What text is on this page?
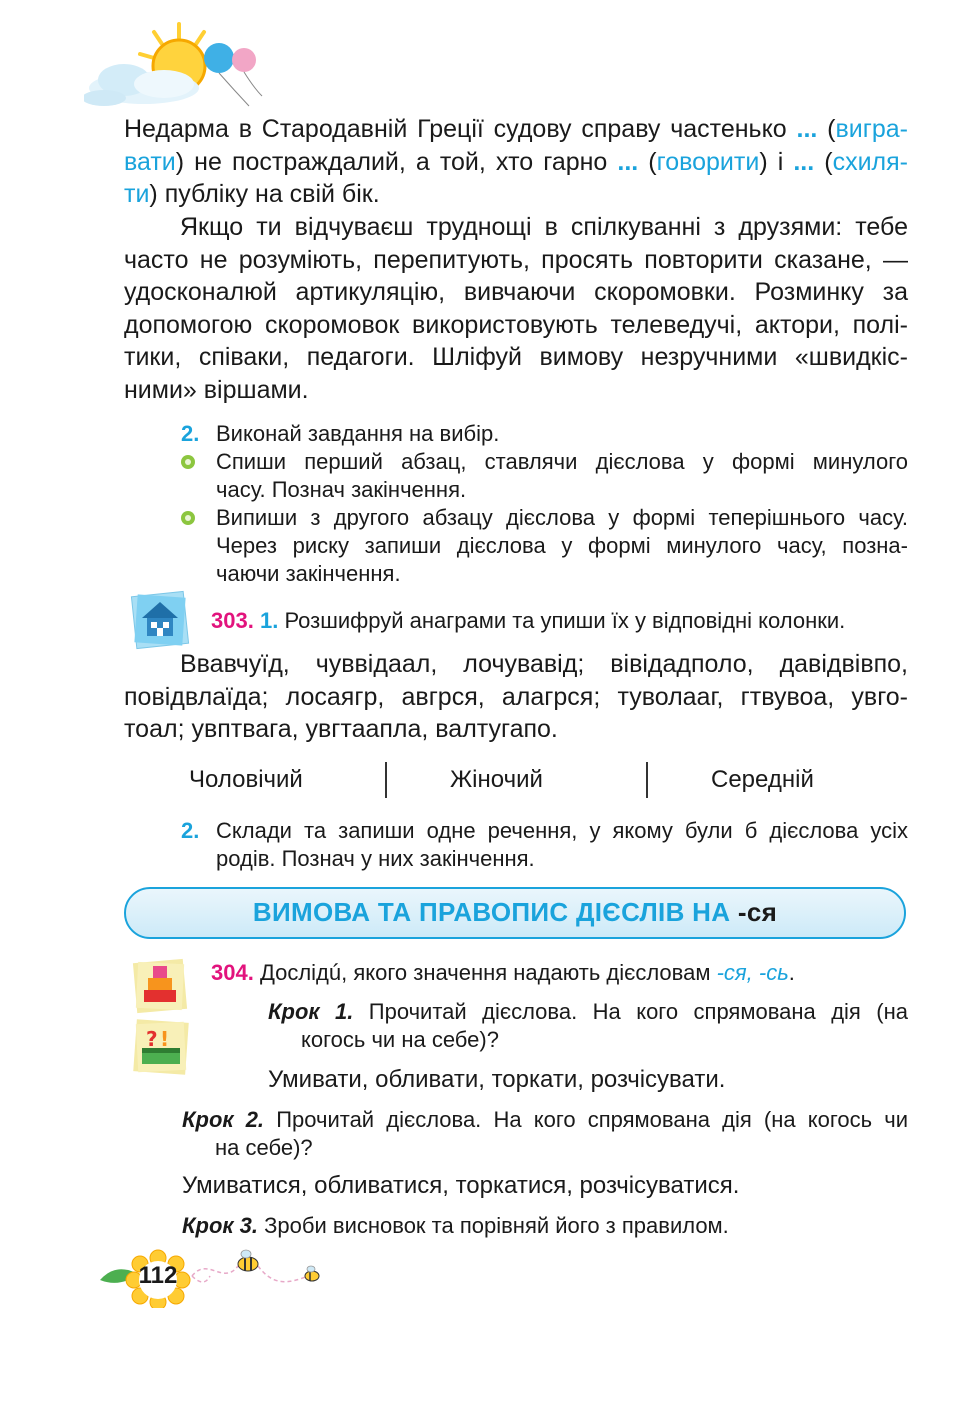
Недарма в Стародавній Греції судову справу частенько ... (вигра-
вати) не постраждалий, а той, хто гарно ... (говорити) і ... (схиля-
ти) публіку на свій бік.
Якщо ти відчуваєш труднощі в спілкуванні з друзями: тебе
часто не розуміють, перепитують, просять повторити сказане, —
удосконалюй артикуляцію, вивчаючи скоромовки. Розминку за
допомогою скоромовок використовують телеведучі, актори, полі-
тики, співаки, педагоги. Шліфуй вимову незручними «швидкіс-
ними» віршами.
2. Виконай завдання на вибір.
Спиши перший абзац, ставлячи дієслова у формі минулого
часу. Познач закінчення.
Випиши з другого абзацу дієслова у формі теперішнього часу.
Через риску запиши дієслова у формі минулого часу, позна-
чаючи закінчення.
303. 1. Розшифруй анаграми та упиши їх у відповідні колонки.
Ввавчуїд, чуввідаал, лочувавід; вівідадполо, давідвівпо,
повідвлаїда; лосаягр, авгрся, алагрся; туволааг, гтвувоа, увго-
тоал; увптвага, увгтаапла, валтугапо.
Чоловічий	Жіночий	Середній
2. Склади та запиши одне речення, у якому були б дієслова усіх
родів. Познач у них закінчення.
ВИМОВА ТА ПРАВОПИС ДІЄСЛІВ НА -ся
? !
304. Дослідú, якого значення надають дієсловам -ся, -сь.
Крок 1. Прочитай дієслова. На кого спрямована дія (на
когось чи на себе)?
Умивати, обливати, торкати, розчісувати.
Крок 2. Прочитай дієслова. На кого спрямована дія (на когось чи
на себе)?
Умиватися, обливатися, торкатися, розчісуватися.
Крок 3. Зроби висновок та порівняй його з правилом.
112
